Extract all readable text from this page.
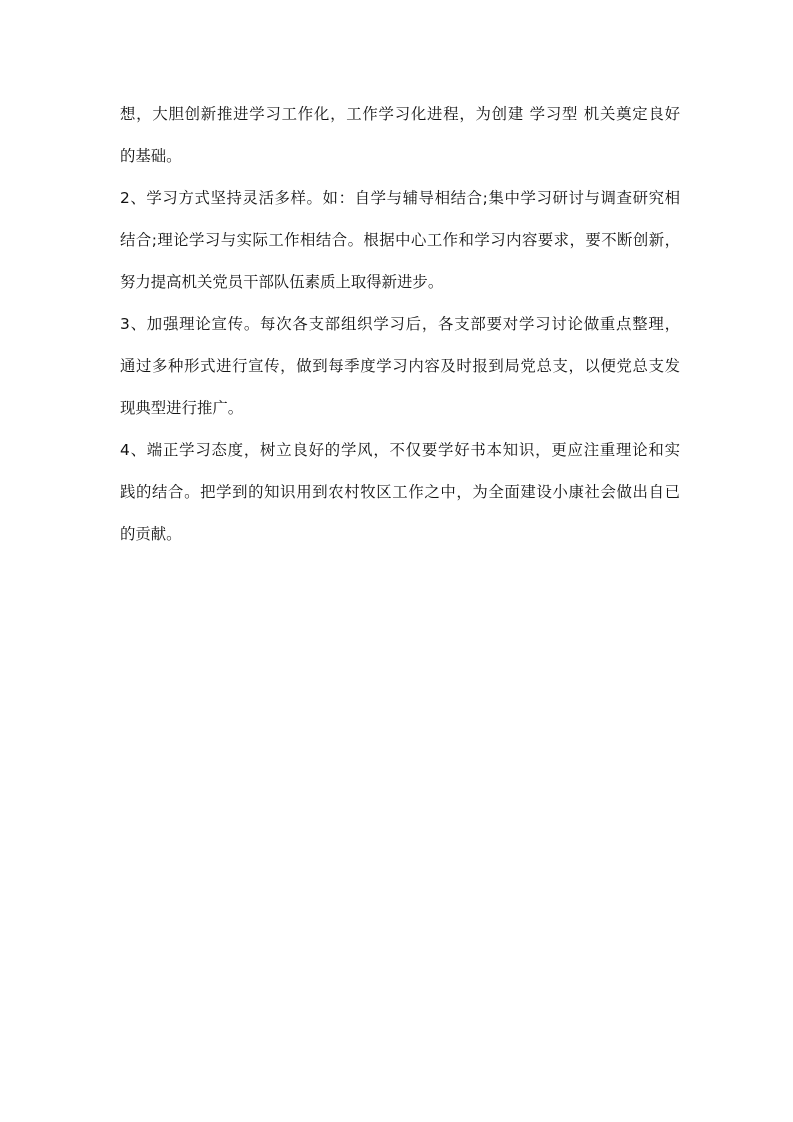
想，大胆创新推进学习工作化，工作学习化进程，为创建 学习型 机关奠定良好
的基础。
2、学习方式坚持灵活多样。如：自学与辅导相结合;集中学习研讨与调查研究相
结合;理论学习与实际工作相结合。根据中心工作和学习内容要求，要不断创新，
努力提高机关党员干部队伍素质上取得新进步。
3、加强理论宣传。每次各支部组织学习后，各支部要对学习讨论做重点整理，
通过多种形式进行宣传，做到每季度学习内容及时报到局党总支，以便党总支发
现典型进行推广。
4、端正学习态度，树立良好的学风，不仅要学好书本知识，更应注重理论和实
践的结合。把学到的知识用到农村牧区工作之中，为全面建设小康社会做出自已
的贡献。
